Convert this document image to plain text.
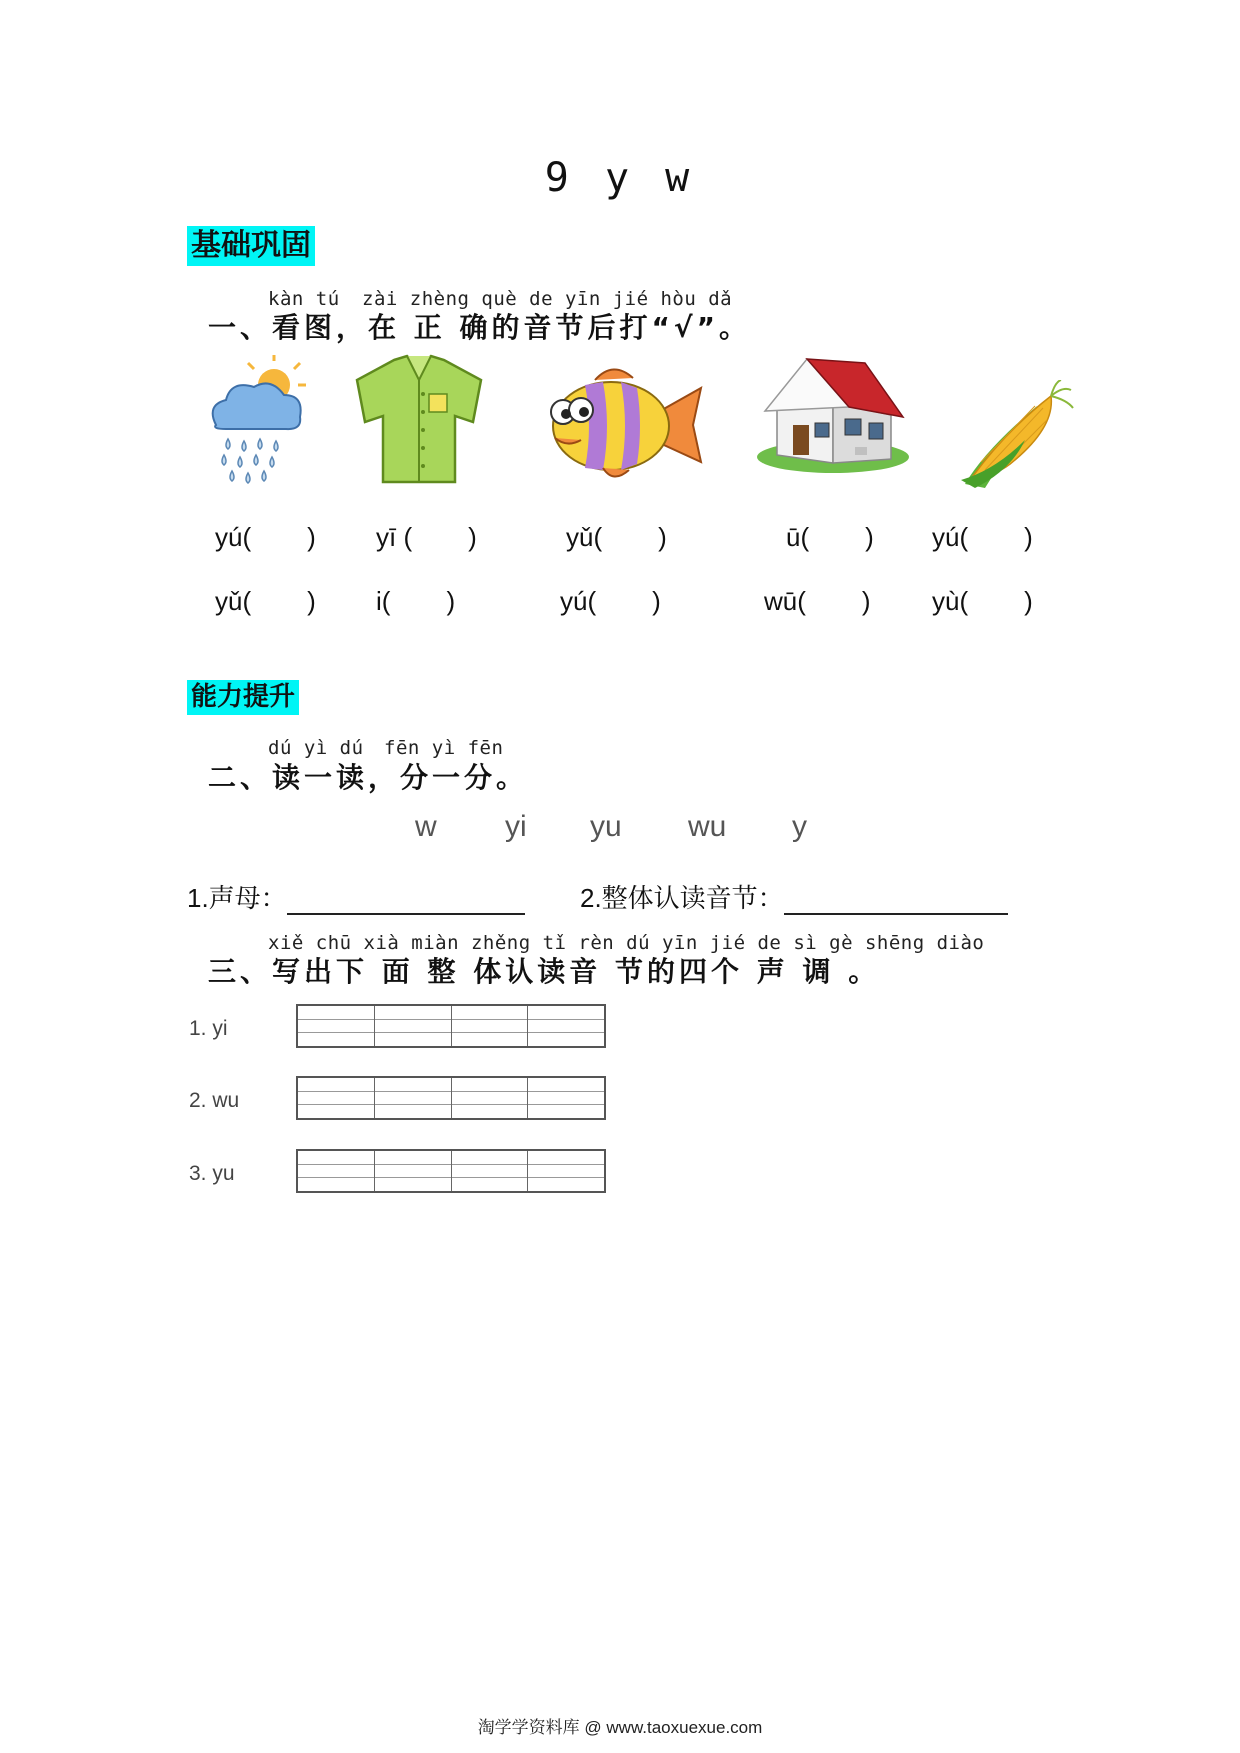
9 y w
基础巩固
kàn tú zài zhèng què de yīn jié hòu dǎ
一、看图，在 正 确的音节后打“√”。
yú( ) yī ( )	yǔ( )	ū( ) yú( )
yǔ( ) i( )	yú( )	wū( ) yù( )
能力提升
dú yì dú fēn yì fēn
二、读一读，分一分。
w yi yu wu y
1.声母：	2.整体认读音节：
xiě chū xià miàn zhěng tǐ rèn dú yīn jié de sì gè shēng diào
三、写出下 面 整 体认读音 节的四个 声 调 。
1. yi
2. wu
3. yu
淘学学资料库 @ www.taoxuexue.com
